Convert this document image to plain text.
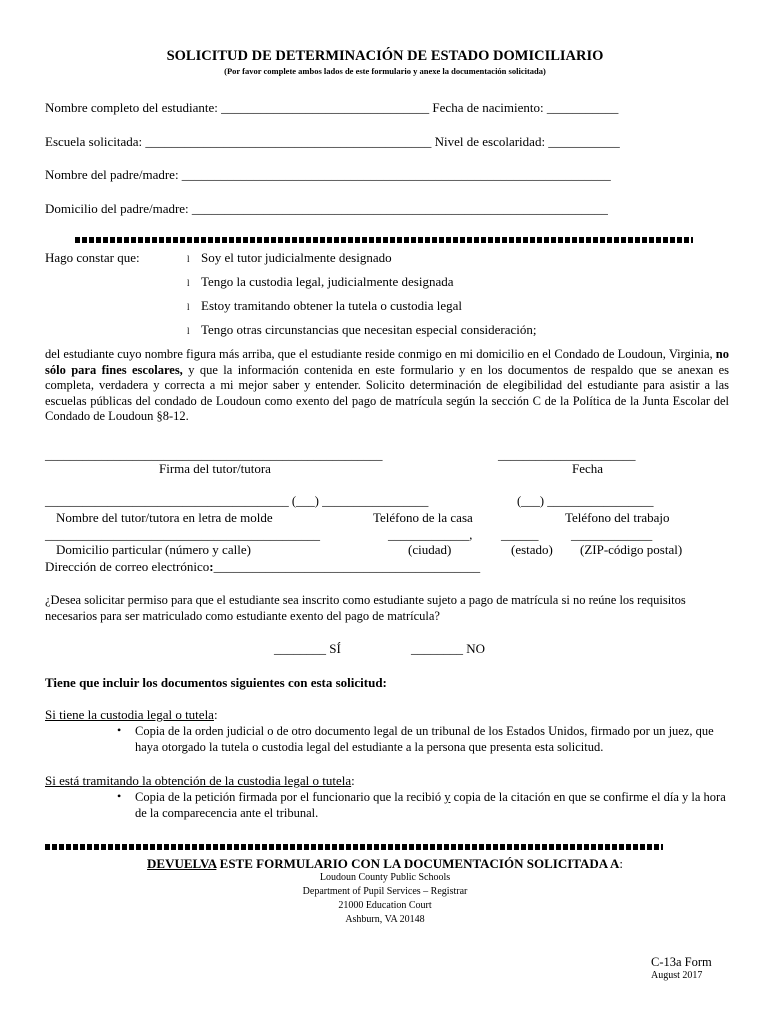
SOLICITUD DE DETERMINACIÓN DE ESTADO DOMICILIARIO
(Por favor complete ambos lados de este formulario y anexe la documentación solicitada)
Nombre completo del estudiante: ________________________________ Fecha de nacimiento: ___________
Escuela solicitada: ____________________________________________ Nivel de escolaridad: ___________
Nombre del padre/madre: __________________________________________________________________
Domicilio del padre/madre: ________________________________________________________________
Hago constar que:	l Soy el tutor judicialmente designado
l Tengo la custodia legal, judicialmente designada
l Estoy tramitando obtener la tutela o custodia legal
l Tengo otras circunstancias que necesitan especial consideración;
del estudiante cuyo nombre figura más arriba, que el estudiante reside conmigo en mi domicilio en el Condado de Loudoun, Virginia, no sólo para fines escolares, y que la información contenida en este formulario y en los documentos de respaldo que se anexan es completa, verdadera y correcta a mi mejor saber y entender. Solicito determinación de elegibilidad del estudiante para asistir a las escuelas públicas del condado de Loudoun como exento del pago de matrícula según la sección C de la Política de la Junta Escolar del Condado de Loudoun §8-12.
______________________________________________________	______________________
Firma del tutor/tutora	Fecha
_______________________________________ (___) _________________	(___) _________________
Nombre del tutor/tutora en letra de molde	Teléfono de la casa	Teléfono del trabajo
____________________________________________	_____________, ______	_____________
Domicilio particular (número y calle)	(ciudad)	(estado) (ZIP-código postal)
Dirección de correo electrónico:_________________________________________
¿Desea solicitar permiso para que el estudiante sea inscrito como estudiante sujeto a pago de matrícula si no reúne los requisitos necesarios para ser matriculado como estudiante exento del pago de matrícula?
________ SÍ	________ NO
Tiene que incluir los documentos siguientes con esta solicitud:
Si tiene la custodia legal o tutela:
• Copia de la orden judicial o de otro documento legal de un tribunal de los Estados Unidos, firmado por un juez, que haya otorgado la tutela o custodia legal del estudiante a la persona que presenta esta solicitud.
Si está tramitando la obtención de la custodia legal o tutela:
• Copia de la petición firmada por el funcionario que la recibió y copia de la citación en que se confirme el día y la hora de la comparecencia ante el tribunal.
DEVUELVA ESTE FORMULARIO CON LA DOCUMENTACIÓN SOLICITADA A:
Loudoun County Public Schools
Department of Pupil Services – Registrar
21000 Education Court
Ashburn, VA 20148
C-13a Form
August 2017
